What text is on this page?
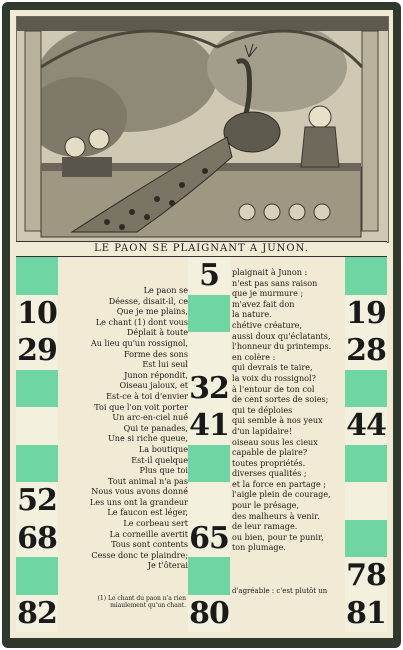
LE PAON SE PLAIGNANT A JUNON.
10
29
52
68
82
5
32
41
65
80
19
28
44
78
81
Le paon se
Déesse, disait-il, ce
Que je me plains,
Le chant (1) dont vous
Déplait à toute
Au lieu qu'un rossignol,
Forme des sons
Est lui seul
Junon répondit,
Oiseau jaloux, et
Est-ce à toi d'envier
Toi que l'on voit porter
Un arc-en-ciel nué
Qui te panades,
Une si riche queue,
La boutique
Est-il quelque
Plus que toi
Tout animal n'a pas
Nous vous avons donné
Les uns ont la grandeur
Le faucon est léger,
Le corbeau sert
La corneille avertit
Tous sont contents
Cesse donc te plaindre;
Je t'ôterai
plaignait à Junon :
n'est pas sans raison
que je murmure ;
m'avez fait don
la nature.
chétive créature,
aussi doux qu'éclatants,
l'honneur du printemps.
en colère :
qui devrais te taire,
la voix du rossignol?
à l'entour de ton col
de cent sortes de soies;
qui te déploies
qui semble à nos yeux
d'un lapidaire!
oiseau sous les cieux
capable de plaire?
toutes propriétés.
diverses qualités ;
et la force en partage ;
l'aigle plein de courage,
pour le présage,
des malheurs à venir.
de leur ramage.
ou bien, pour te punir,
ton plumage.
(1) Le chant du paon n'a rien miaulement qu'un chant.
d'agréable : c'est plutôt un
